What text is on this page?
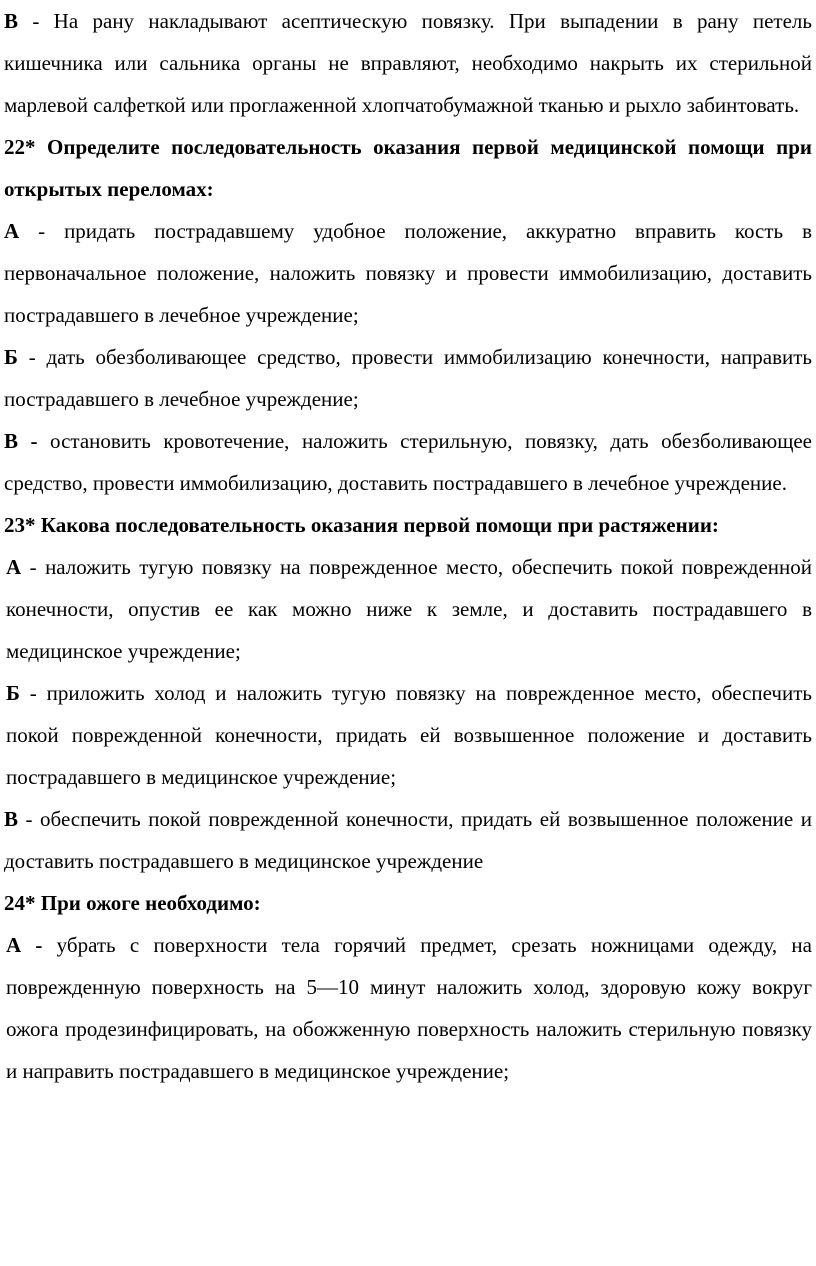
В - На рану накладывают асептическую повязку. При выпадении в рану петель кишечника или сальника органы не вправляют, необходимо накрыть их стерильной марлевой салфеткой или проглаженной хлопчатобумажной тканью и рыхло забинтовать.

22* Определите последовательность оказания первой медицинской помощи при открытых переломах:

А - придать пострадавшему удобное положение, аккуратно вправить кость в первоначальное положение, наложить повязку и провести иммобилизацию, доставить пострадавшего в лечебное учреждение;

Б - дать обезболивающее средство, провести иммобилизацию конечности, направить пострадавшего в лечебное учреждение;

В - остановить кровотечение, наложить стерильную, повязку, дать обезболивающее средство, провести иммобилизацию, доставить пострадавшего в лечебное учреждение.

23* Какова последовательность оказания первой помощи при растяжении:

А - наложить тугую повязку на поврежденное место, обеспечить покой поврежденной конечности, опустив ее как можно ниже к земле, и доставить пострадавшего в медицинское учреждение;

Б - приложить холод и наложить тугую повязку на поврежденное место, обеспечить покой поврежденной конечности, придать ей возвышенное положение и доставить пострадавшего в медицинское учреждение;

В - обеспечить покой поврежденной конечности, придать ей возвышенное положение и доставить пострадавшего в медицинское учреждение

24* При ожоге необходимо:

А - убрать с поверхности тела горячий предмет, срезать ножницами одежду, на поврежденную поверхность на 5—10 минут наложить холод, здоровую кожу вокруг ожога продезинфицировать, на обожженную поверхность наложить стерильную повязку и направить пострадавшего в медицинское учреждение;
